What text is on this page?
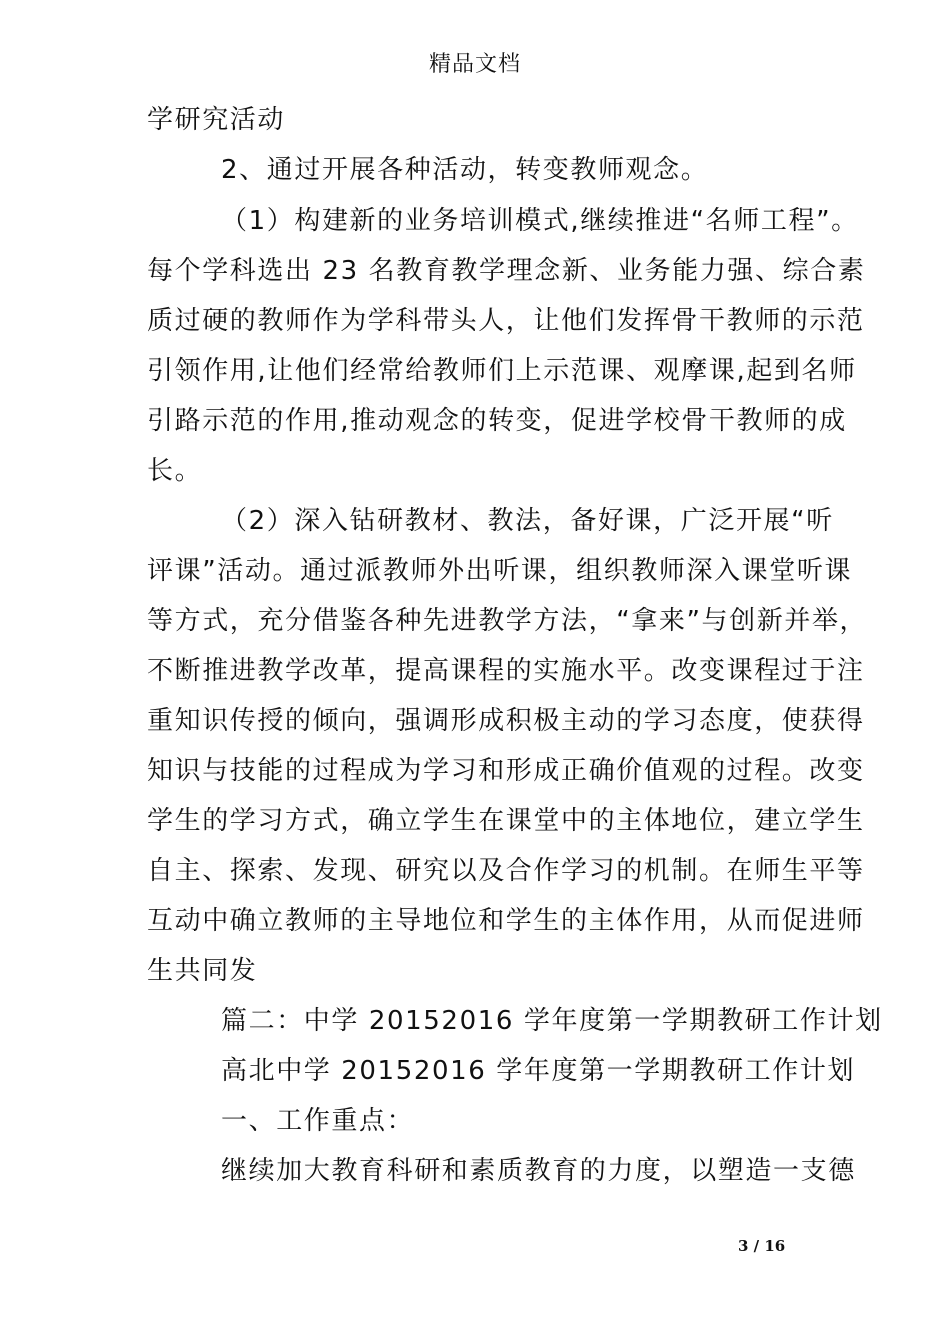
精品文档
学研究活动
2、通过开展各种活动，转变教师观念。
（1）构建新的业务培训模式,继续推进“名师工程”。
每个学科选出 23 名教育教学理念新、业务能力强、综合素
质过硬的教师作为学科带头人，让他们发挥骨干教师的示范
引领作用,让他们经常给教师们上示范课、观摩课,起到名师
引路示范的作用,推动观念的转变，促进学校骨干教师的成
长。
（2）深入钻研教材、教法，备好课，广泛开展“听
评课”活动。通过派教师外出听课，组织教师深入课堂听课
等方式，充分借鉴各种先进教学方法，“拿来”与创新并举，
不断推进教学改革，提高课程的实施水平。改变课程过于注
重知识传授的倾向，强调形成积极主动的学习态度，使获得
知识与技能的过程成为学习和形成正确价值观的过程。改变
学生的学习方式，确立学生在课堂中的主体地位，建立学生
自主、探索、发现、研究以及合作学习的机制。在师生平等
互动中确立教师的主导地位和学生的主体作用，从而促进师
生共同发
篇二：中学 20152016 学年度第一学期教研工作计划
高北中学 20152016 学年度第一学期教研工作计划
一、工作重点：
继续加大教育科研和素质教育的力度，以塑造一支德
3 / 16
